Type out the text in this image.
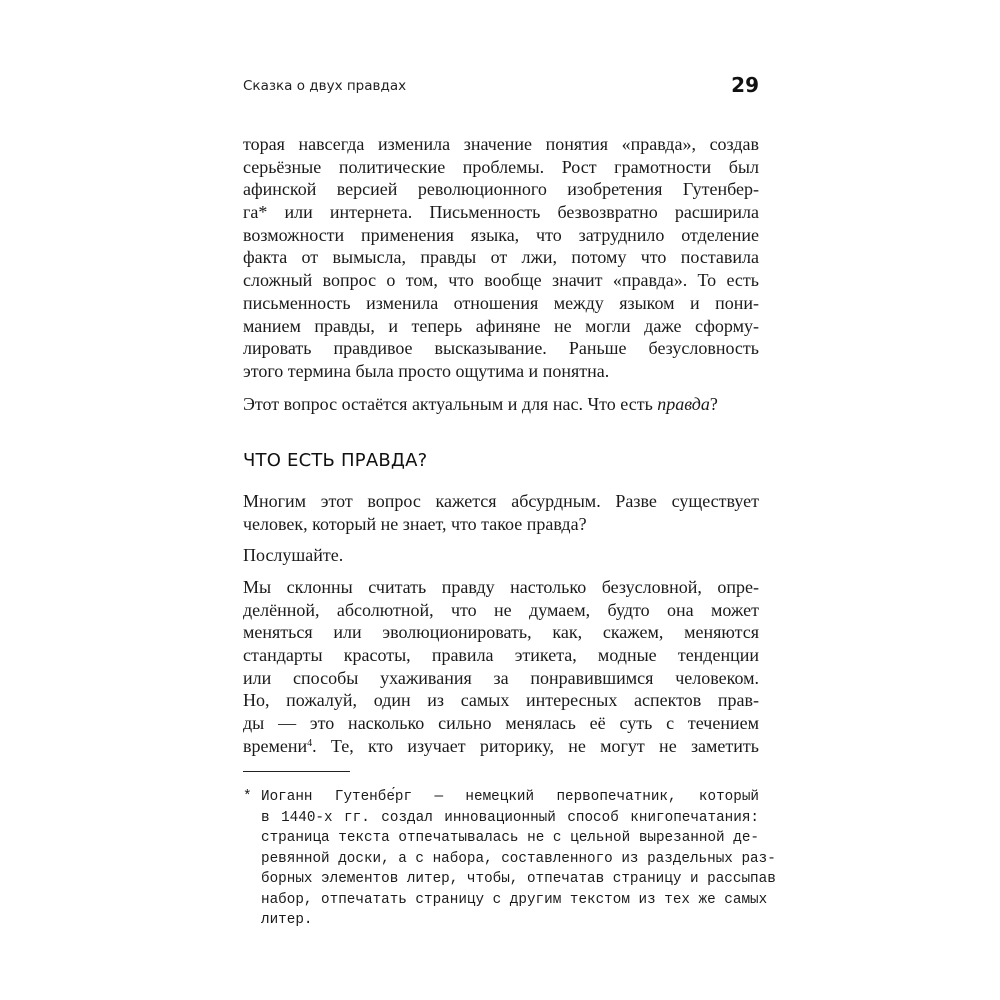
Сказка о двух правдах	29
торая навсегда изменила значение понятия «правда», создав
серьёзные политические проблемы. Рост грамотности был
афинской версией революционного изобретения Гутенбер-
га* или интернета. Письменность безвозвратно расширила
возможности применения языка, что затруднило отделение
факта от вымысла, правды от лжи, потому что поставила
сложный вопрос о том, что вообще значит «правда». То есть
письменность изменила отношения между языком и пони-
манием правды, и теперь афиняне не могли даже сформу-
лировать правдивое высказывание. Раньше безусловность
этого термина была просто ощутима и понятна.
Этот вопрос остаётся актуальным и для нас. Что есть правда?
ЧТО ЕСТЬ ПРАВДА?
Многим этот вопрос кажется абсурдным. Разве существует
человек, который не знает, что такое правда?
Послушайте.
Мы склонны считать правду настолько безусловной, опре-
делённой, абсолютной, что не думаем, будто она может
меняться или эволюционировать, как, скажем, меняются
стандарты красоты, правила этикета, модные тенденции
или способы ухаживания за понравившимся человеком.
Но, пожалуй, один из самых интересных аспектов прав-
ды — это насколько сильно менялась её суть с течением
времени$^4$. Те, кто изучает риторику, не могут не заметить
* Иоганн Гутенбе́рг — немецкий первопечатник, который
в 1440-х гг. создал инновационный способ книгопечатания:
страница текста отпечатывалась не с цельной вырезанной де-
ревянной доски, а с набора, составленного из раздельных раз-
борных элементов литер, чтобы, отпечатав страницу и рассыпав
набор, отпечатать страницу с другим текстом из тех же самых
литер.
